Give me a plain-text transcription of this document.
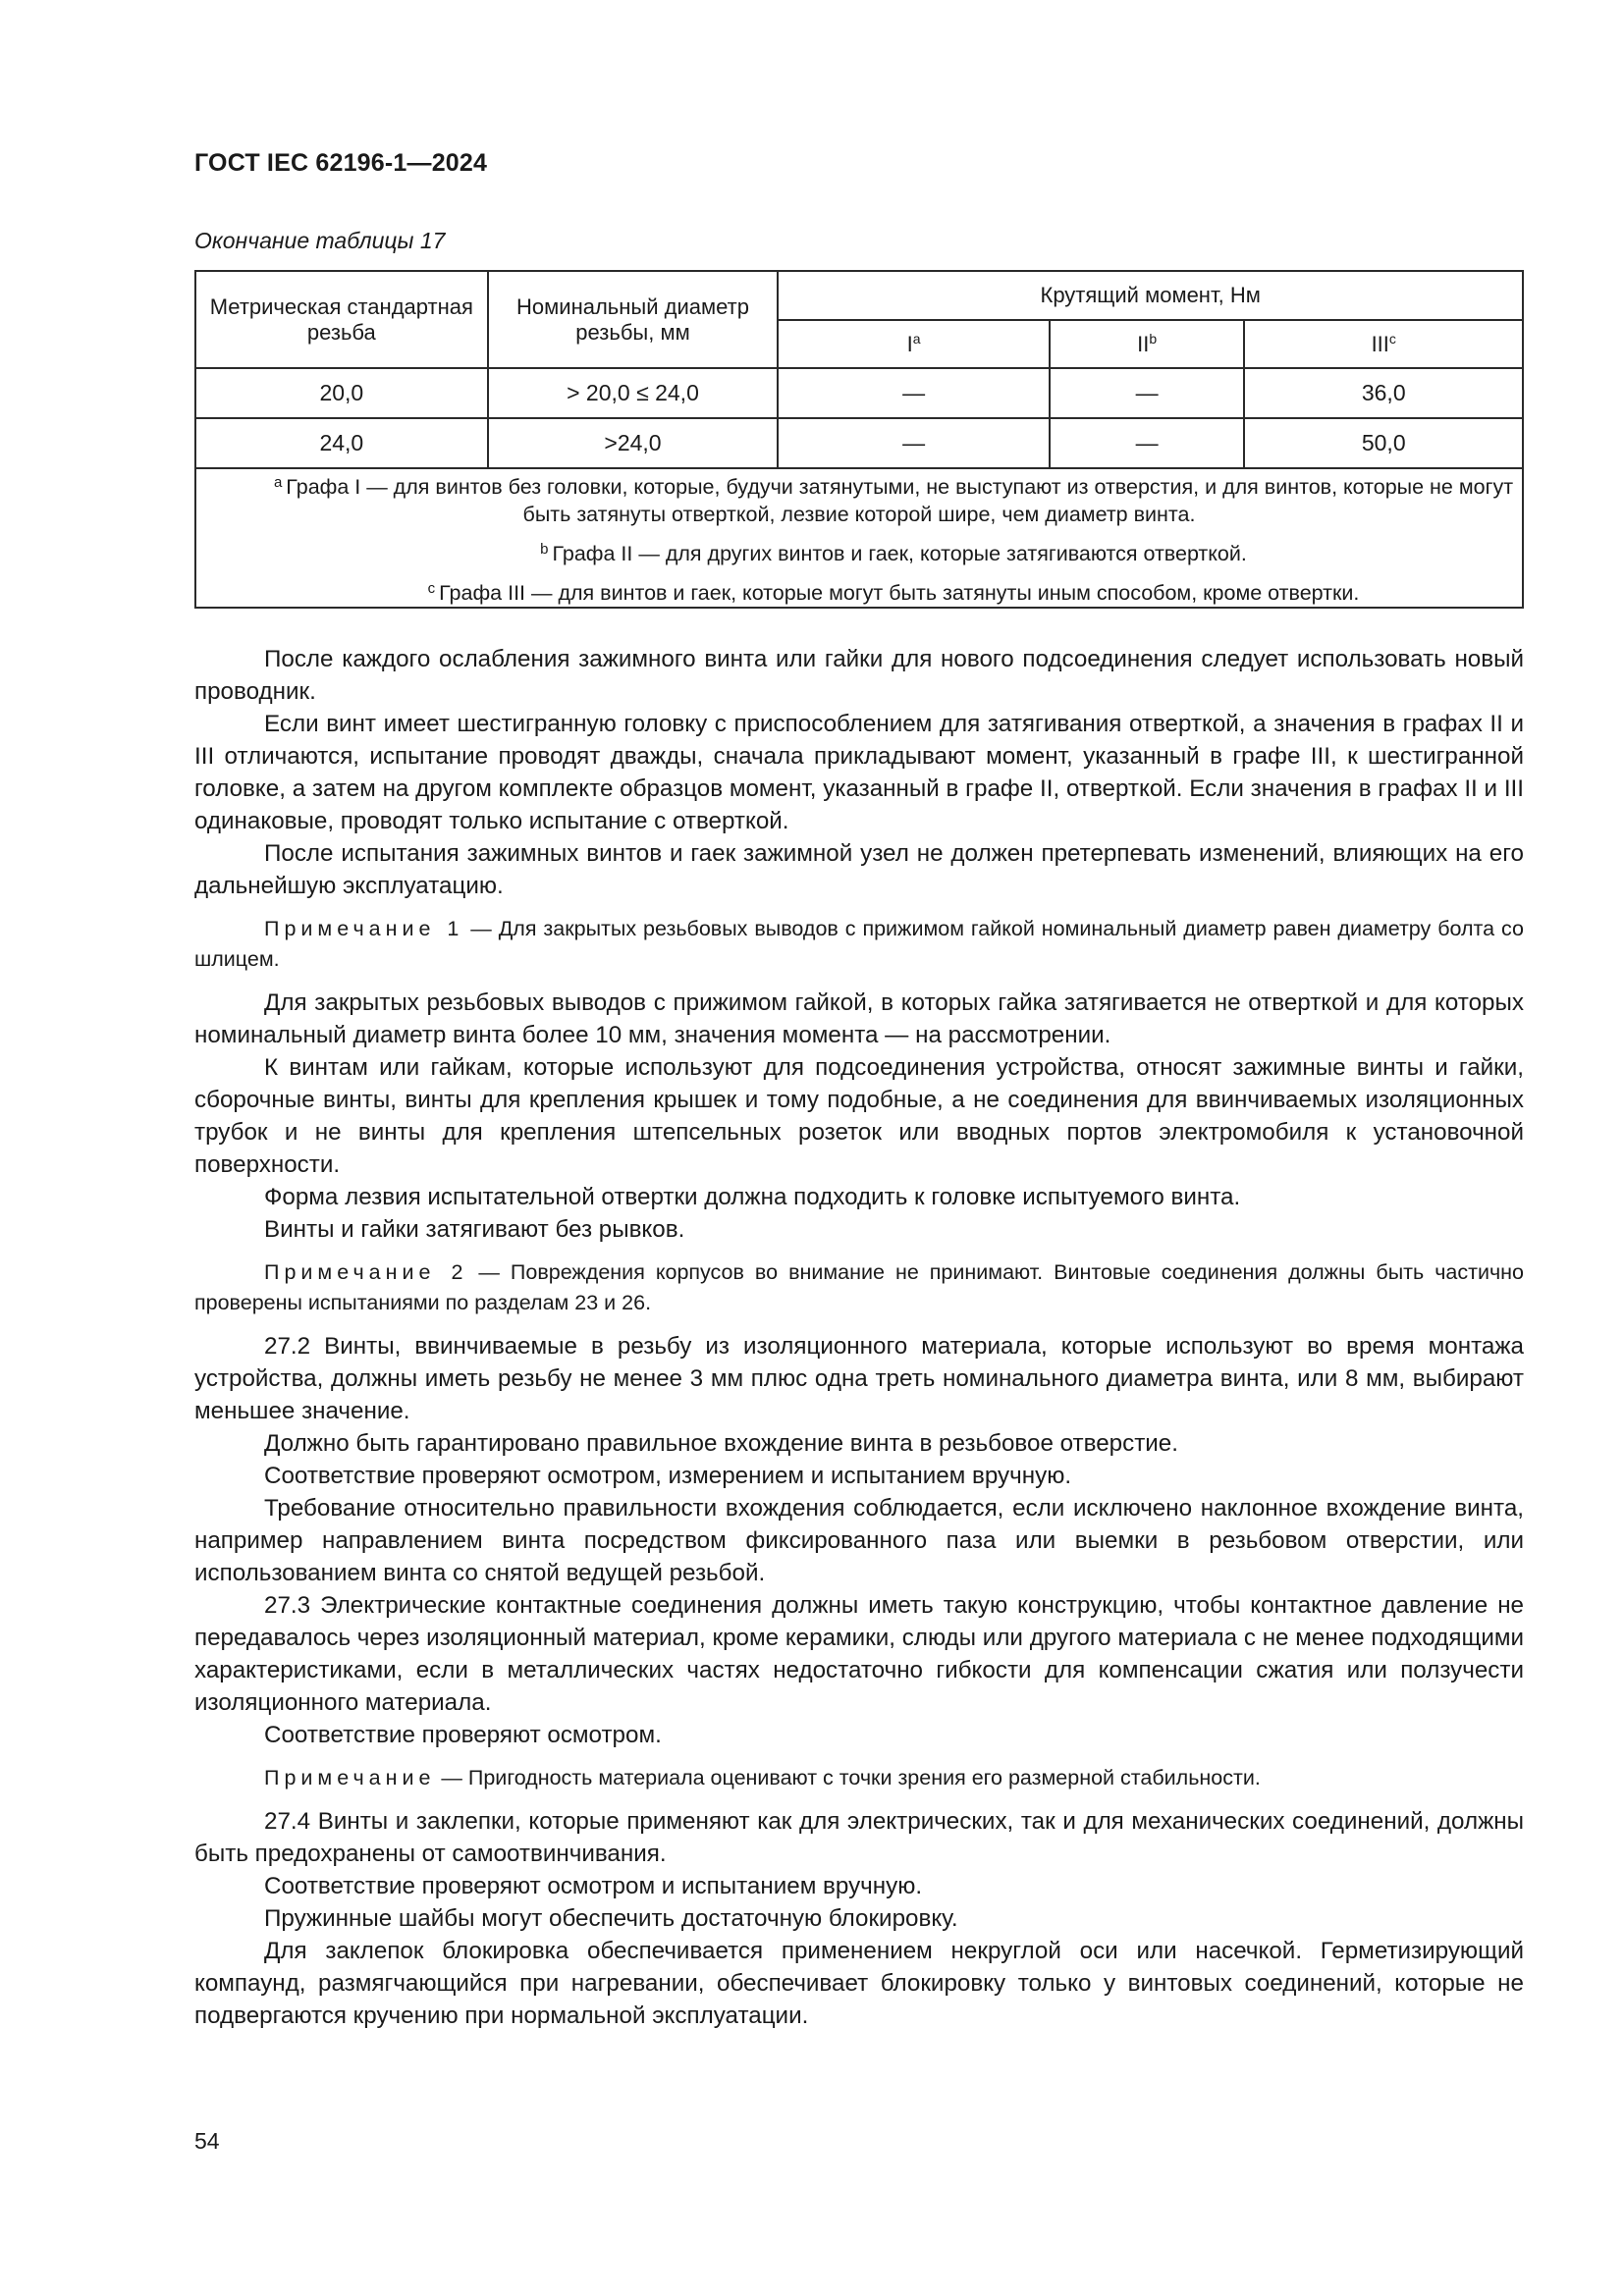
ГОСТ IEC 62196-1—2024
Окончание таблицы 17
Метрическая стандартная резьба	Номинальный диаметр резьбы, мм	Крутящий момент, Нм		
		$I^a$	$II^b$	III$^c$
20,0	> 20,0 ≤ 24,0	—	—	36,0
24,0	>24,0	—	—	50,0

$^a$ Графа I — для винтов без головки, которые, будучи затянутыми, не выступают из отверстия, и для винтов, которые не могут быть затянуты отверткой, лезвие которой шире, чем диаметр винта.

$^b$ Графа II — для других винтов и гаек, которые затягиваются отверткой.

$^c$ Графа III — для винтов и гаек, которые могут быть затянуты иным способом, кроме отвертки.				

После каждого ослабления зажимного винта или гайки для нового подсоединения следует использовать новый проводник.

Если винт имеет шестигранную головку с приспособлением для затягивания отверткой, а значения в графах II и III отличаются, испытание проводят дважды, сначала прикладывают момент, указанный в графе III, к шестигранной головке, а затем на другом комплекте образцов момент, указанный в графе II, отверткой. Если значения в графах II и III одинаковые, проводят только испытание с отверткой.

После испытания зажимных винтов и гаек зажимной узел не должен претерпевать изменений, влияющих на его дальнейшую эксплуатацию.

Примечание 1 — Для закрытых резьбовых выводов с прижимом гайкой номинальный диаметр равен диаметру болта со шлицем.

Для закрытых резьбовых выводов с прижимом гайкой, в которых гайка затягивается не отверткой и для которых номинальный диаметр винта более 10 мм, значения момента — на рассмотрении.

К винтам или гайкам, которые используют для подсоединения устройства, относят зажимные винты и гайки, сборочные винты, винты для крепления крышек и тому подобные, а не соединения для ввинчиваемых изоляционных трубок и не винты для крепления штепсельных розеток или вводных портов электромобиля к установочной поверхности.

Форма лезвия испытательной отвертки должна подходить к головке испытуемого винта.

Винты и гайки затягивают без рывков.

Примечание 2 — Повреждения корпусов во внимание не принимают. Винтовые соединения должны быть частично проверены испытаниями по разделам 23 и 26.

27.2 Винты, ввинчиваемые в резьбу из изоляционного материала, которые используют во время монтажа устройства, должны иметь резьбу не менее 3 мм плюс одна треть номинального диаметра винта, или 8 мм, выбирают меньшее значение.

Должно быть гарантировано правильное вхождение винта в резьбовое отверстие.

Соответствие проверяют осмотром, измерением и испытанием вручную.

Требование относительно правильности вхождения соблюдается, если исключено наклонное вхождение винта, например направлением винта посредством фиксированного паза или выемки в резьбовом отверстии, или использованием винта со снятой ведущей резьбой.

27.3 Электрические контактные соединения должны иметь такую конструкцию, чтобы контактное давление не передавалось через изоляционный материал, кроме керамики, слюды или другого материала с не менее подходящими характеристиками, если в металлических частях недостаточно гибкости для компенсации сжатия или ползучести изоляционного материала.

Соответствие проверяют осмотром.

Примечание — Пригодность материала оценивают с точки зрения его размерной стабильности.

27.4 Винты и заклепки, которые применяют как для электрических, так и для механических соединений, должны быть предохранены от самоотвинчивания.

Соответствие проверяют осмотром и испытанием вручную.

Пружинные шайбы могут обеспечить достаточную блокировку.

Для заклепок блокировка обеспечивается применением некруглой оси или насечкой. Герметизирующий компаунд, размягчающийся при нагревании, обеспечивает блокировку только у винтовых соединений, которые не подвергаются кручению при нормальной эксплуатации.

54
